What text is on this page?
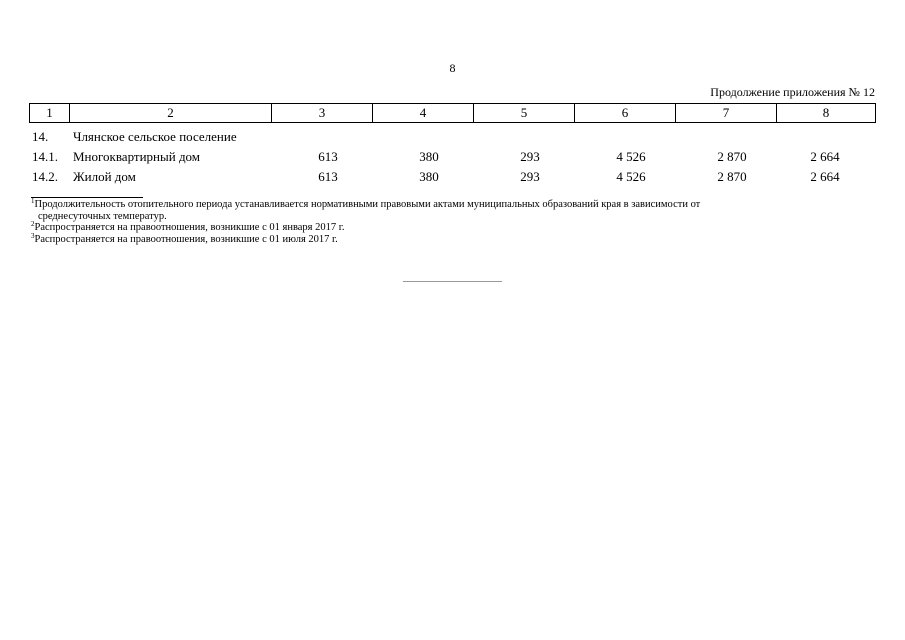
8
Продолжение приложения № 12
1	2	3	4	5	6	7	8
14. Члянское сельское поселение
14.1. Многоквартирный дом	613	380	293	4 526	2 870	2 664
14.2. Жилой дом	613	380	293	4 526	2 870	2 664
$^1$Продолжительность отопительного периода устанавливается нормативными правовыми актами муниципальных образований края в зависимости от
среднесуточных температур.
$^2$Распространяется на правоотношения, возникшие с 01 января 2017 г.
$^3$Распространяется на правоотношения, возникшие с 01 июля 2017 г.
